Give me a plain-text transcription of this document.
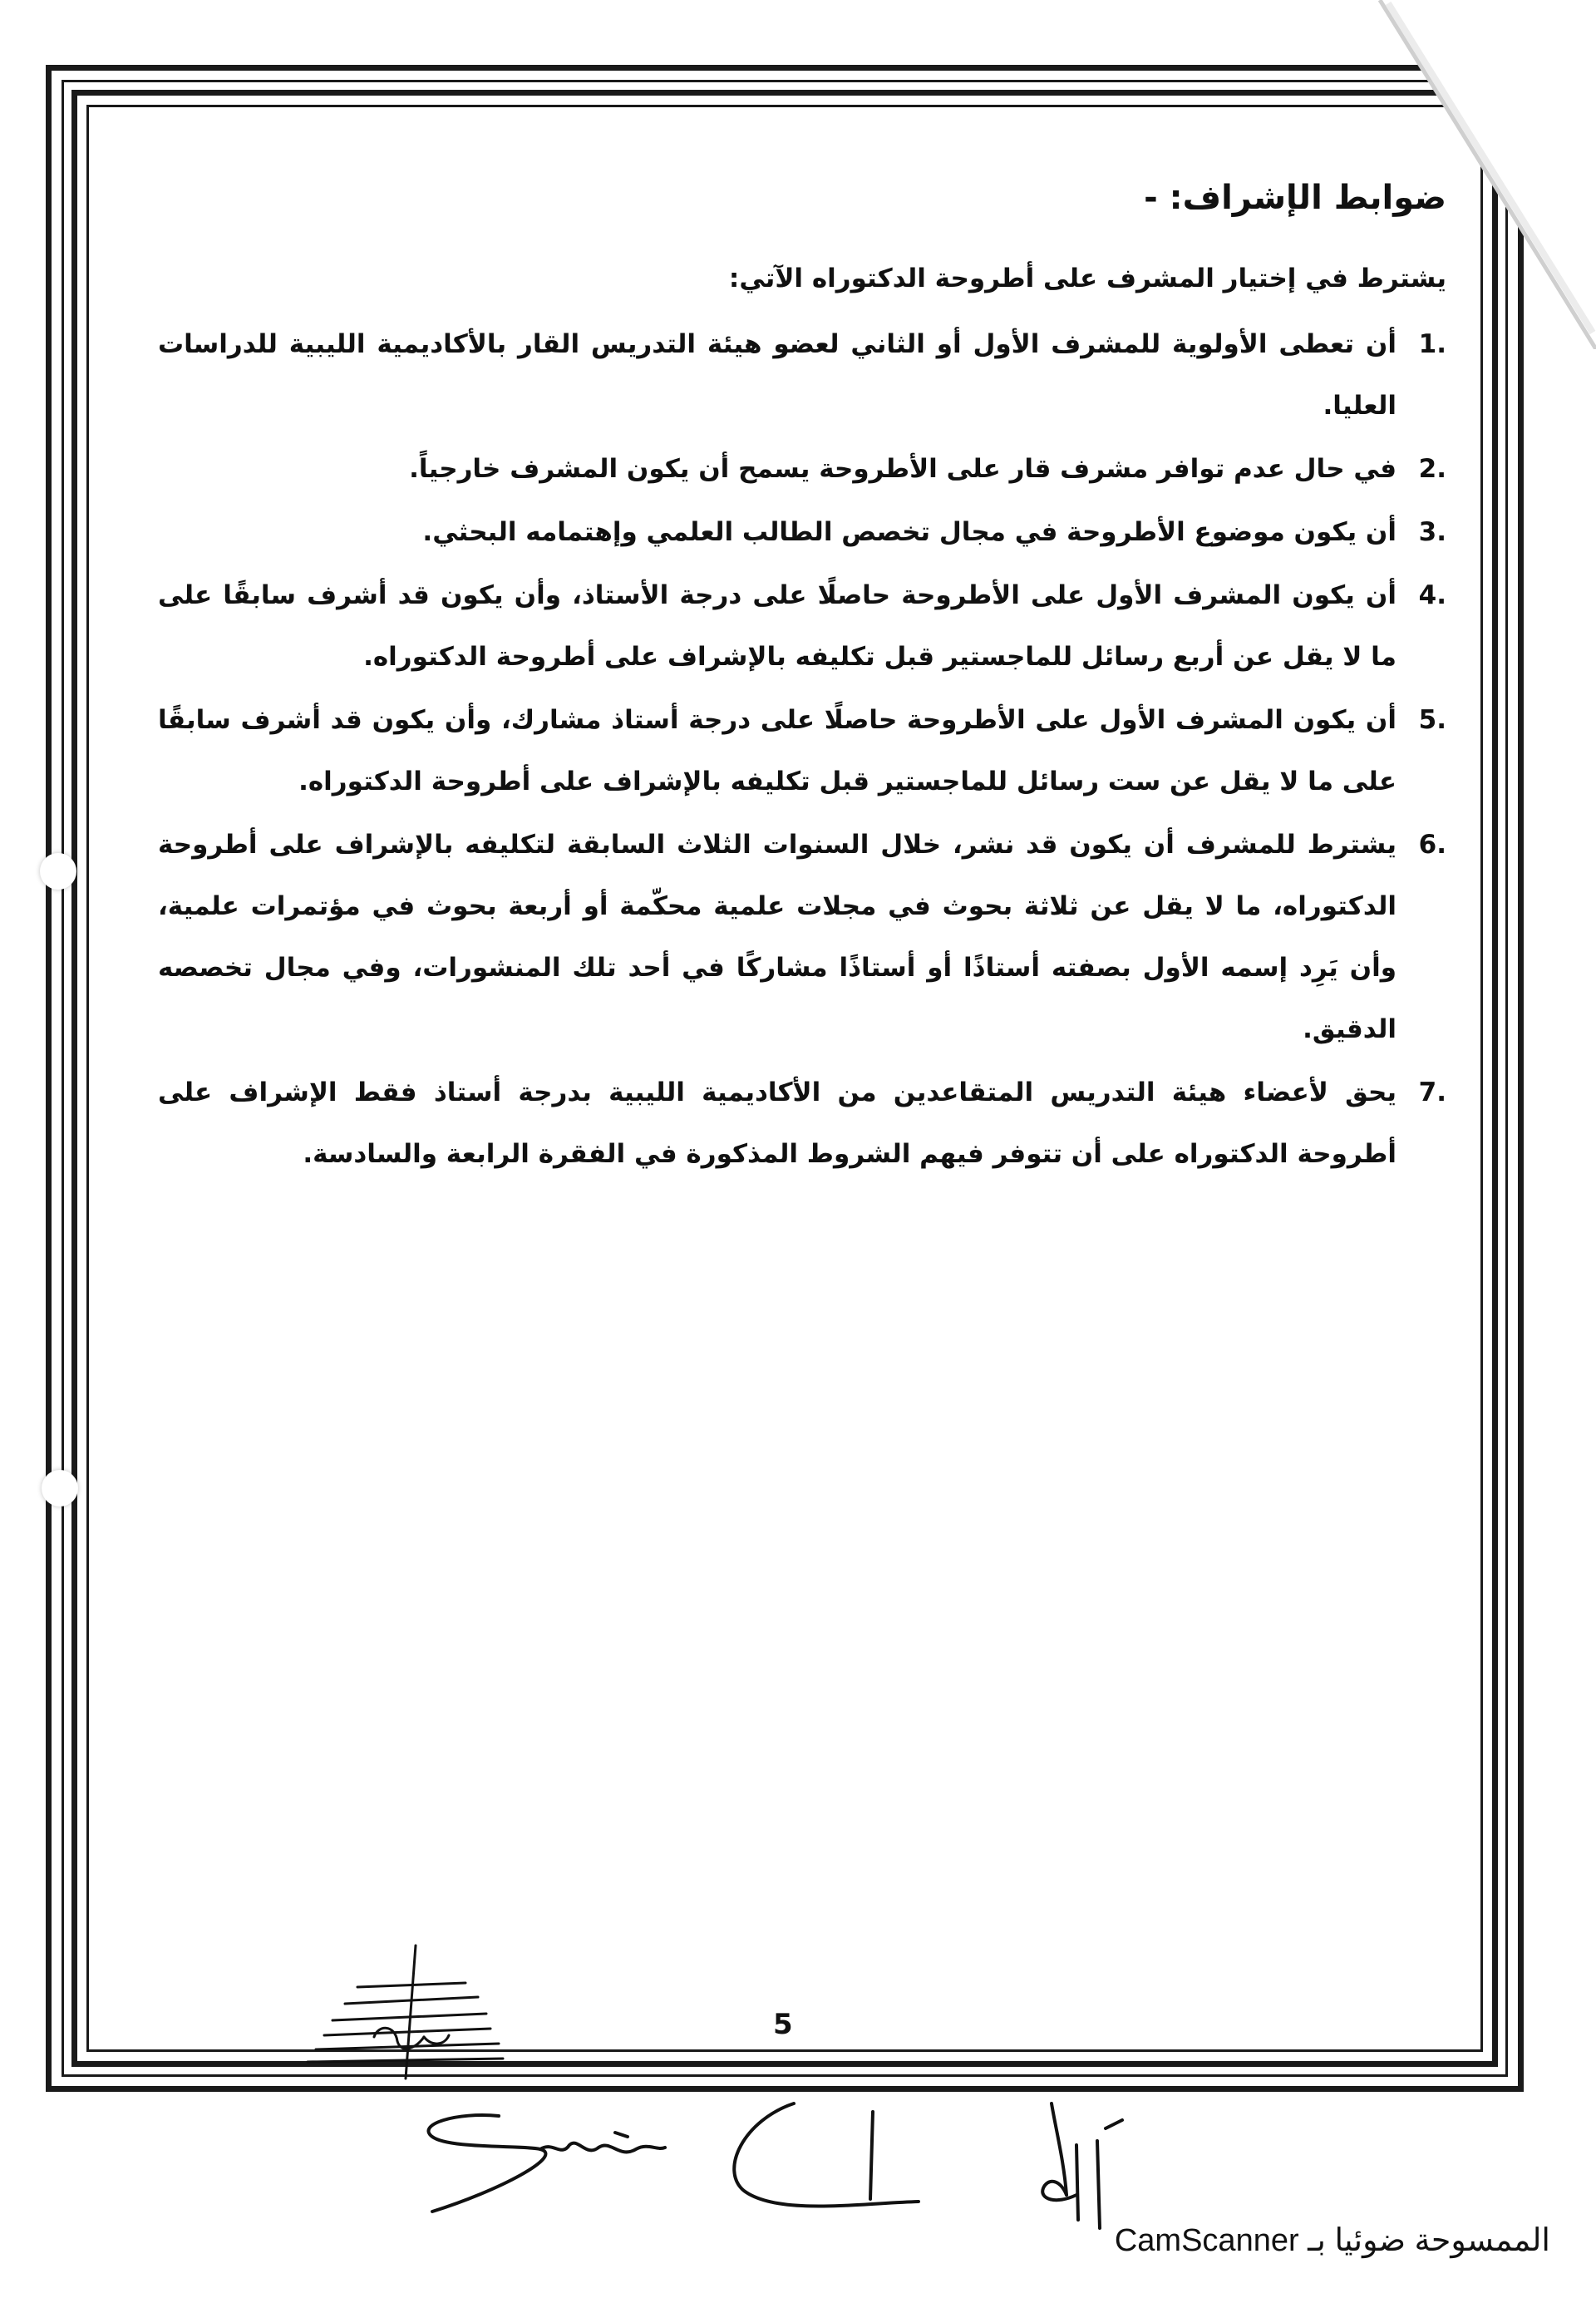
ضوابط الإشراف: -
يشترط في إختيار المشرف على أطروحة الدكتوراه الآتي:
1.
أن تعطى الأولوية للمشرف الأول أو الثاني لعضو هيئة التدريس القار بالأكاديمية الليبية للدراسات العليا.
2.
في حال عدم توافر مشرف قار على الأطروحة يسمح أن يكون المشرف خارجياً.
3.
أن يكون موضوع الأطروحة في مجال تخصص الطالب العلمي وإهتمامه البحثي.
4.
أن يكون المشرف الأول على الأطروحة حاصلًا على درجة الأستاذ، وأن يكون قد أشرف سابقًا على ما لا يقل عن أربع رسائل للماجستير قبل تكليفه بالإشراف على أطروحة الدكتوراه.
5.
أن يكون المشرف الأول على الأطروحة حاصلًا على درجة أستاذ مشارك، وأن يكون قد أشرف سابقًا على ما لا يقل عن ست رسائل للماجستير قبل تكليفه بالإشراف على أطروحة الدكتوراه.
6.
يشترط للمشرف أن يكون قد نشر، خلال السنوات الثلاث السابقة لتكليفه بالإشراف على أطروحة الدكتوراه، ما لا يقل عن ثلاثة بحوث في مجلات علمية محكّمة أو أربعة بحوث في مؤتمرات علمية، وأن يَرِد إسمه الأول بصفته أستاذًا أو أستاذًا مشاركًا في أحد تلك المنشورات، وفي مجال تخصصه الدقيق.
7.
يحق لأعضاء هيئة التدريس المتقاعدين من الأكاديمية الليبية بدرجة أستاذ فقط الإشراف على أطروحة الدكتوراه على أن تتوفر فيهم الشروط المذكورة في الفقرة الرابعة والسادسة.
5
الممسوحة ضوئيا بـ CamScanner
